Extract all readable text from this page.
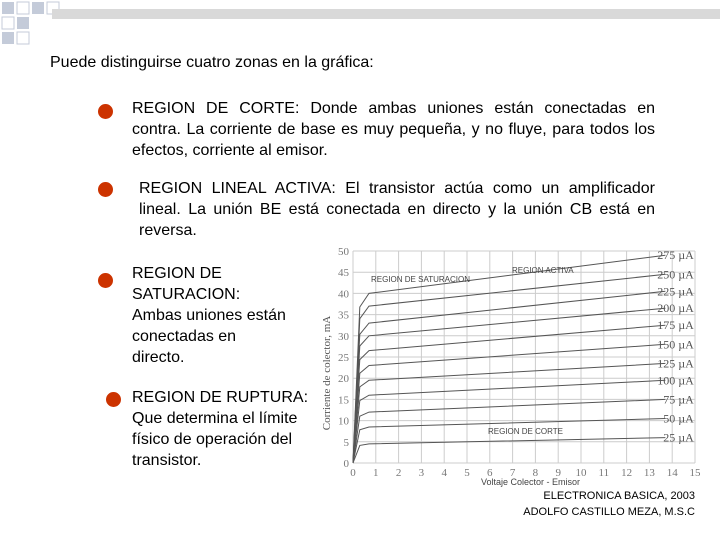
Puede distinguirse cuatro zonas en la gráfica:
REGION DE CORTE: Donde ambas uniones están conectadas en contra. La corriente de base es muy pequeña, y no fluye, para todos los efectos, corriente al emisor.
REGION LINEAL ACTIVA: El transistor actúa como un amplificador lineal. La unión BE está conectada en directo y la unión CB está en reversa.
REGION DE SATURACION: Ambas uniones están conectadas en directo.
REGION DE RUPTURA: Que determina el límite físico de operación del transistor.
275 µA
250 µA
225 µA
200 µA
175 µA
150 µA
125 µA
100 µA
75 µA
50 µA
25 µA
0 1 2 3 4 5 6 7 8 9 10 11 12 13 14 15
0
5
10
15
20
25
30
35
40
45
50
Corriente de colector, mA
Voltaje Colector - Emisor
REGION DE SATURACION
REGION ACTIVA
REGION DE CORTE
ELECTRONICA BASICA, 2003
ADOLFO CASTILLO MEZA, M.S.C
